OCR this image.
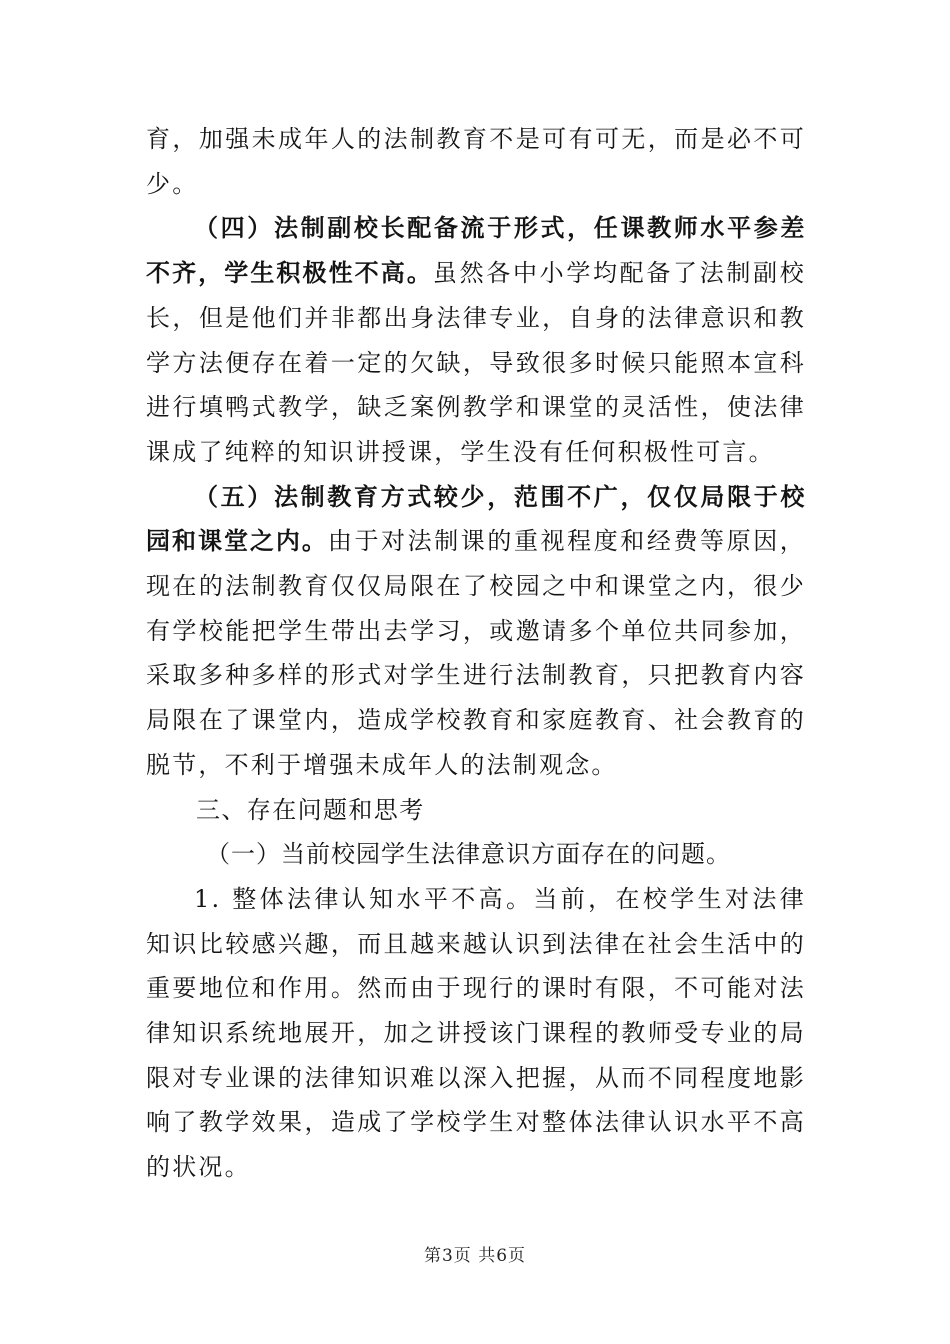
育，加强未成年人的法制教育不是可有可无，而是必不可少。

（四）法制副校长配备流于形式，任课教师水平参差不齐，学生积极性不高。虽然各中小学均配备了法制副校长，但是他们并非都出身法律专业，自身的法律意识和教学方法便存在着一定的欠缺，导致很多时候只能照本宣科进行填鸭式教学，缺乏案例教学和课堂的灵活性，使法律课成了纯粹的知识讲授课，学生没有任何积极性可言。

（五）法制教育方式较少，范围不广，仅仅局限于校园和课堂之内。由于对法制课的重视程度和经费等原因，现在的法制教育仅仅局限在了校园之中和课堂之内，很少有学校能把学生带出去学习，或邀请多个单位共同参加，采取多种多样的形式对学生进行法制教育，只把教育内容局限在了课堂内，造成学校教育和家庭教育、社会教育的脱节，不利于增强未成年人的法制观念。

三、存在问题和思考

（一）当前校园学生法律意识方面存在的问题。

1. 整体法律认知水平不高。当前，在校学生对法律知识比较感兴趣，而且越来越认识到法律在社会生活中的重要地位和作用。然而由于现行的课时有限，不可能对法律知识系统地展开，加之讲授该门课程的教师受专业的局限对专业课的法律知识难以深入把握，从而不同程度地影响了教学效果，造成了学校学生对整体法律认识水平不高的状况。

第3页 共6页
